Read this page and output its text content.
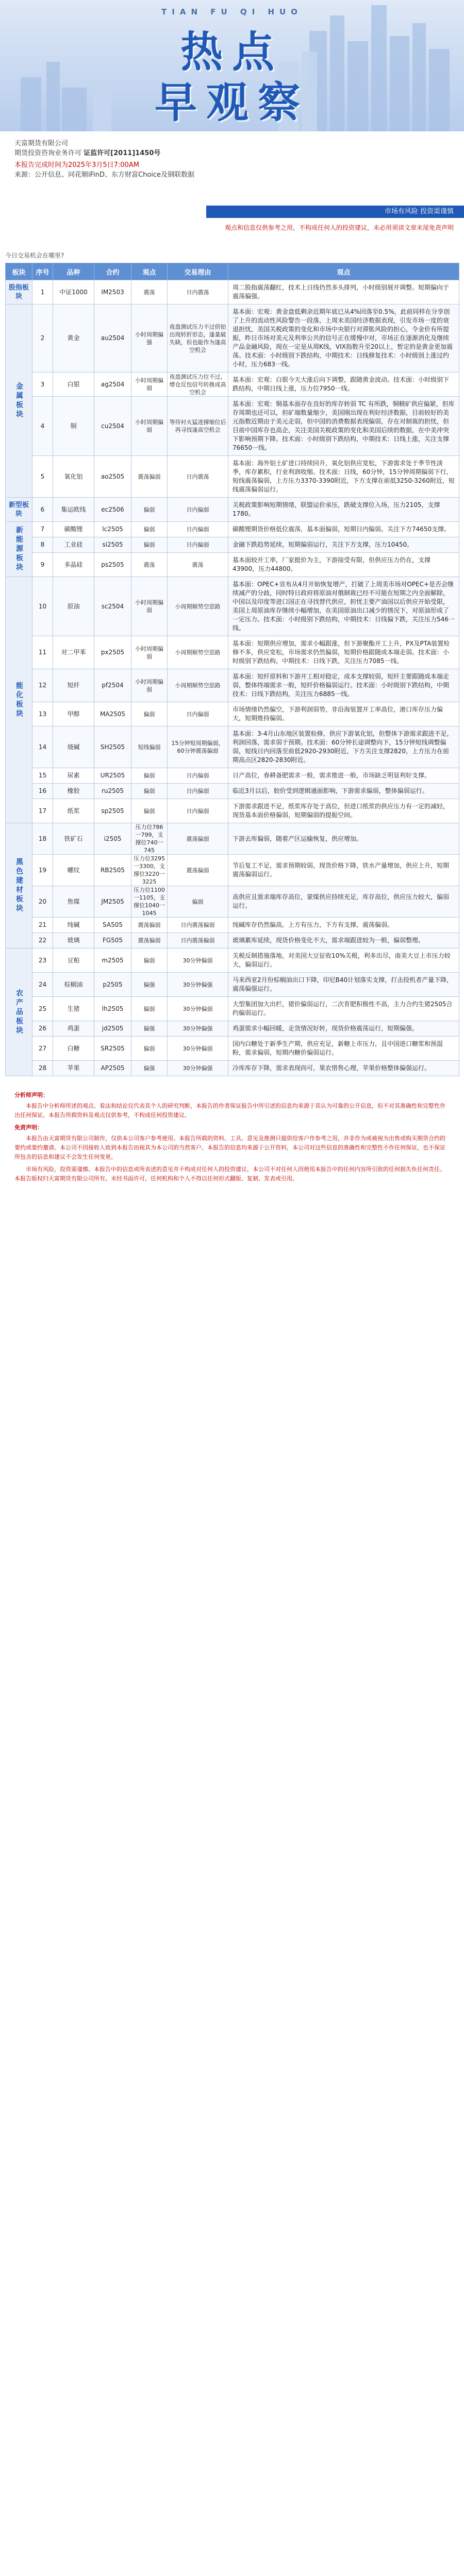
TIAN FU QI HUO
热点
早观察
天富期货有限公司
期货投资咨询业务许可 证监许可[2011]1450号
本报告完成时间为2025年3月5日7:00AM
来源：公开信息、同花顺iFinD、东方财富Choice及钢联数据
市场有风险 投资需谨慎
观点和信息仅供参考之用，不构成任何人的投资建议，未必用须读文章末尾免责声明
今日交易机会在哪里?
板块	序号	品种	合约	观点	交易理由	观点
股指板块	1	中证1000	IM2503	震荡	日内震荡	周二股指震荡翻红，技术上日线仍然多头排列，小时级别展开调整。短期偏向于震荡偏强。
金属板块	2	黄金	au2504	小时周期偏强	夜盘测试压力不过倍铂出现转折形态，逢量破失缺，但也能作为逢高空机会	基本面：宏观：黄金盘低剩余近期年底已从4%回落至0.5%，此前同样在分享创了上升的流动性风险警告一段落，上周末美国经济数据表现，引发市场一度的衰退担忧，美国关税政策的变化和市场中央银行对滞胀风险的担心，令金价有所提振，昨日市场对美元及利率公共的信号正在缓慢中对，市场正在逐渐消化及继续产品金融风险，现在一定是从周K线，VIX指数升至20以上，暂定的是黄金更加震荡。技术面：小时级别下跌结构，中期技术：日线修复技术：小时级别上涨过约小时，压力683一线。
	3	白银	ag2504	小时周期偏弱	夜盘测试压力位不过，增仓反包信号转换成高空机会	基本面：宏观：白银今天大涨后向下调整，跟随黄金波动。技术面：小时级别下跌结构，中期日线上涨，压力位7950一线。
	4	铜	cu2504	小时周期偏弱	等待衬火猛进撑缩位后再寻找逢高空机会	基本面：宏观：铜基本面存在良好的库存转弱 TC 有所跌，铜精矿供应偏紧，但库存周期也还可以，但矿端数量缩少，美国刚出现在利好经济数据，目前较好的美元指数近期由于美元走弱，但中国的消费数据表现偏弱，存在对制裁的担忧，但目前中国库存也高企，关注美国关税政策的变化和美国后续的数据，在中美冲突下影响预期下降。技术面：小时级别下跌结构，中期技术：日线上涨，关注支撑76650一线。
	5	氧化铝	ao2505	震荡偏弱	日内震荡	基本面：海外铝土矿进口持续回升，氧化铝供应宽松，下游需求处于季节性淡季，库存累积，行业利润收缩。技术面：日线，60分钟，15分钟周期偏弱下行，短线震荡偏弱，上方压力3370-3390附近，下方支撑在前低3250-3260附近，短线震荡偏弱运行。
新型板块	6	集运欧线	ec2506	偏弱	日内偏弱	关税政策影响短期情绪，联盟运价承压，跌破支撑位入场，压力2105，支撑1780。
新能源板块	7	碳酸锂	lc2505	偏弱	日内偏弱	碳酸锂期货价格低位震荡，基本面偏弱，短期日内偏弱。关注下方74650支撑。
	8	工业硅	si2505	偏弱	日内偏弱	金融下跌趋势延续，短期偏弱运行，关注下方支撑，压力10450。
	9	多晶硅	ps2505	震荡	震荡	基本面较开工率，厂家挺价为主，下游接受有限，但供应压力仍在，支撑43900，压力44800。
能化板块	10	原油	sc2504	小时周期偏弱	小周期顺势空思路	基本面：OPEC+宣布从4月开始恢复增产，打破了上周美市场对OPEC+是否会继续减产的分歧，同时特日政府将原油对俄制裁已经不可能在短期之内全面解除，中国以及印度等进口国正在寻找替代供应，担忧主要产油国以后供应开始受限，美国上周原油库存继续小幅增加，在美国原油出口减少的情况下，对原油形成了一定压力。技术面：小时级别下跌结构，中期技术：日线偏下跌，关注压力546一线。
	11	对二甲苯	px2505	小时周期偏弱	小周期顺势空思路	基本面：短期供应增加，需求小幅跟涨，但下游聚酯开工上升，PX及PTA装置检修不多，供应宽松，市场需求仍然偏弱，短期价格跟随成本端走弱。技术面：小时级别下跌结构，中期技术：日线下跌，关注压力7085一线。
	12	短纤	pf2504	小时周期偏弱	小周期顺势空思路	基本面：短纤原料和下游开工相对稳定，成本支撑较弱，短纤主要跟随成本端走弱，整体终端需求一般，短纤价格偏弱运行。技术面：小时级别下跌结构，中期技术：日线下跌结构，关注压力6885一线。
	13	甲醇	MA2505	偏弱	日内偏弱	市场情绪仍然偏空，下游利润弱势，非沿海装置开工率高位，港口库存压力偏大，短期维持偏弱。
	14	烧碱	SH2505	短线偏弱	15分钟短周期偏弱，60分钟震荡偏弱	基本面：3-4月山东地区装置检修，供应下游氧化铝，但整体下游需求跟进不足，利润回落，需求弱于预期。技术面：60分钟长途调整向下，15分钟短线调整偏弱，短线日内回落至前低2920-2930附近，下方关注支撑2820，上方压力在前期高点区2820-2830附近。
	15	尿素	UR2505	偏弱	日内偏弱	日产高位，春耕备肥需求一般，需求推进一般，市场缺乏明显利好支撑。
	16	橡胶	ru2505	偏弱	日内偏弱	临近3月以后，胶价受到逻辑通面影响，下游需求偏弱，整体偏弱运行。
	17	纸浆	sp2505	偏弱	日内偏弱	下游需求跟进不足，纸浆库存处于高位，但进口纸浆的供应压力有一定的减轻，现货基本面价格偏弱，短期偏弱的提振空间。
黑色建材板块	18	铁矿石	i2505	压力位786一799，支撑位740一745	震荡偏弱	下游去库偏弱，随着产区运输恢复，供应增加。
	19	螺纹	RB2505	压力位3295一3300，支撑位3220一3225	震荡偏弱	节后复工不足，需求预期较弱，现货价格下降，铁水产量增加，供应上升，短期震荡偏弱运行。
	20	焦煤	JM2505	压力位1100一1105，支撑位1040一1045	偏弱	高供应且需求端库存高位，蒙煤供应持续充足，库存高位，供应压力较大，偏弱运行。
	21	纯碱	SA505	震荡偏弱	日内震荡偏弱	纯碱库存仍然偏高，上方有压力，下方有支撑，震荡偏弱。
	22	玻璃	FG505	震荡偏弱	日内震荡偏弱	玻璃累库延续，现货价格变化不大，需求端跟进较为一般，偏弱整理。
农产品板块	23	豆粕	m2505	偏弱	30分钟偏弱	关税反制措施落地，对美国大豆征收10%关税，利多出尽，南美大豆上市压力较大，偏弱运行。
	24	棕榈油	p2505	偏强	30分钟偏强	马来西亚2月份棕榈油出口下降，印尼B40计划落实支撑，打击投机者产量下降，震荡偏强运行。
	25	生猪	lh2505	偏弱	30分钟偏弱	大型集团加大出栏，猪价偏弱运行，二次育肥积极性不高，主力合约生猪2505合约偏弱运行。
	26	鸡蛋	jd2505	偏强	30分钟偏强	鸡蛋需求小幅回暖，走货情况好转，现货价格震荡运行，短期偏强。
	27	白糖	SR2505	偏弱	30分钟偏弱	国内白糖处于新季生产期，供应充足，新糖上市压力，且中国进口糖浆和预混粉，需求偏弱，短期内糖价偏弱运行。
	28	苹果	AP2505	偏强	30分钟偏强	冷库库存下降，需求表现尚可，果农惜售心理，苹果价格整体偏强运行。
分析师声明：

本报告中分析师所述的观点、看法和结论仅代表其个人的研究判断，本报告的作者保证报告中所引述的信息均来源于其认为可靠的公开信息，但不对其准确性和完整性作出任何保证。本报告所载资料及观点仅供参考，不构成任何投资建议。

免责声明：

本报告由天富期货有限公司制作，仅供本公司客户参考使用。本报告所载的资料、工具、意见及推测只提供给客户作参考之用，并非作为或被视为出售或购买期货合约的要约或要约邀请。本公司不因接收人收到本报告而视其为本公司的当然客户。本报告的信息均来源于公开资料，本公司对这些信息的准确性和完整性不作任何保证，也不保证所包含的信息和建议不会发生任何变更。

市场有风险，投资需谨慎。本报告中的信息或所表述的意见并不构成对任何人的投资建议，本公司不对任何人因使用本报告中的任何内容所引致的任何损失负任何责任。本报告版权归天富期货有限公司所有，未经书面许可，任何机构和个人不得以任何形式翻版、复制、发表或引用。
